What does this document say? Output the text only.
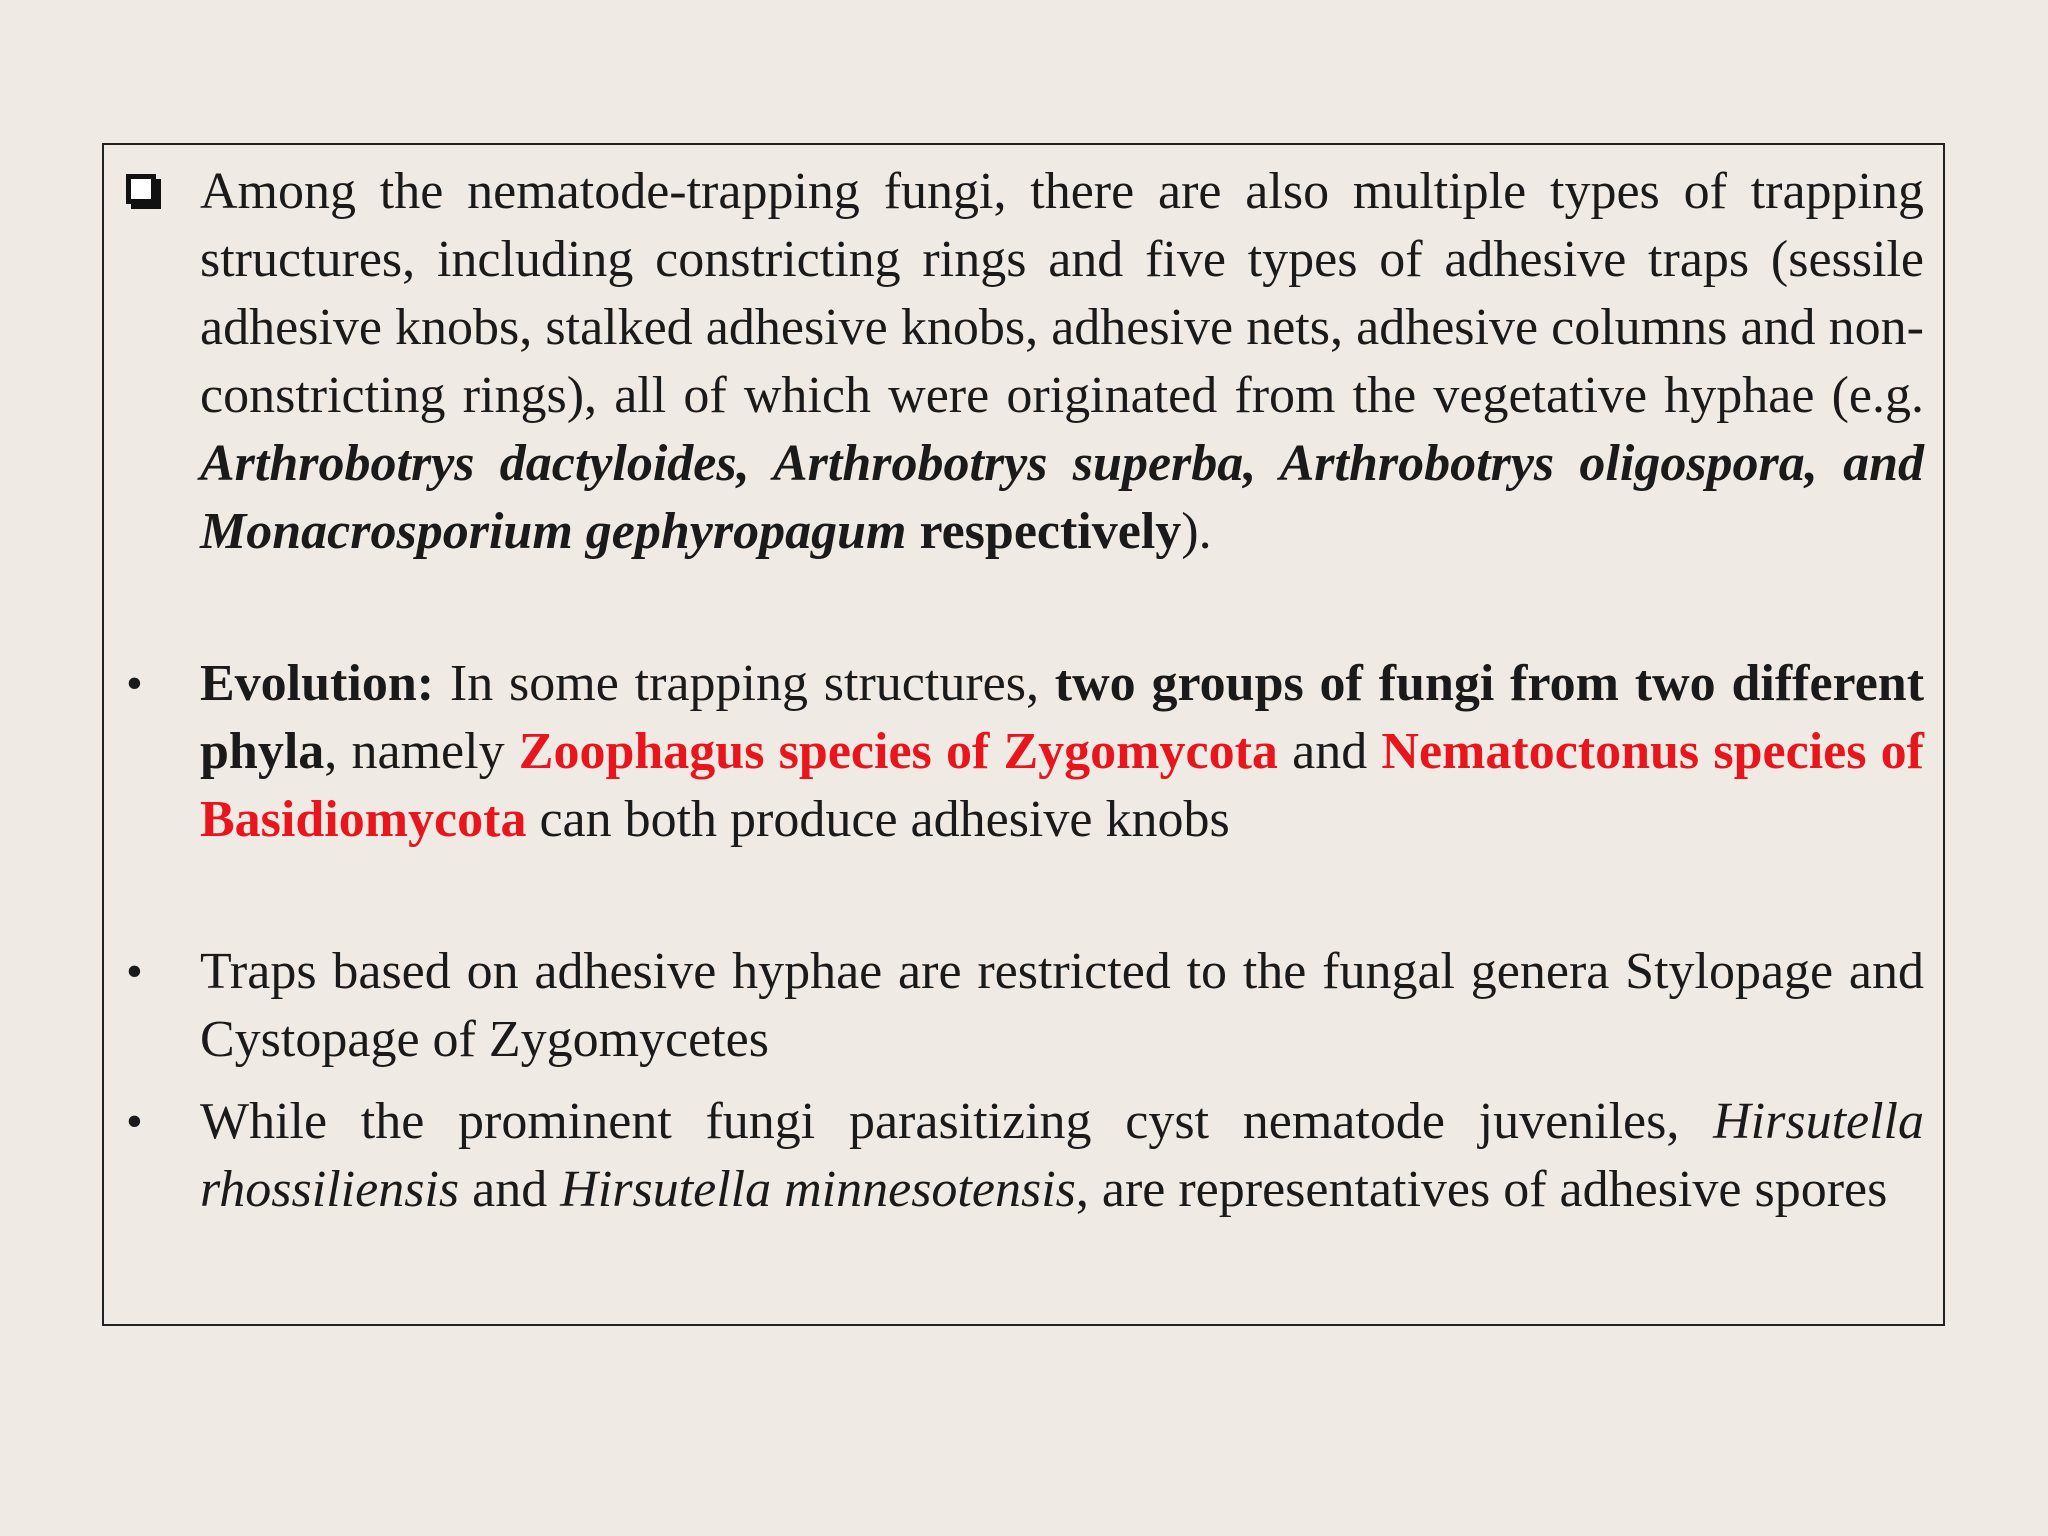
Among the nematode-trapping fungi, there are also multiple types of trapping structures, including constricting rings and five types of adhesive traps (sessile adhesive knobs, stalked adhesive knobs, adhesive nets, adhesive columns and non-constricting rings), all of which were originated from the vegetative hyphae (e.g. Arthrobotrys dactyloides, Arthrobotrys superba, Arthrobotrys oligospora, and Monacrosporium gephyropagum respectively).
• Evolution: In some trapping structures, two groups of fungi from two different phyla, namely Zoophagus species of Zygomycota and Nematoctonus species of Basidiomycota can both produce adhesive knobs
• Traps based on adhesive hyphae are restricted to the fungal genera Stylopage and Cystopage of Zygomycetes
• While the prominent fungi parasitizing cyst nematode juveniles, Hirsutella rhossiliensis and Hirsutella minnesotensis, are representatives of adhesive spores
